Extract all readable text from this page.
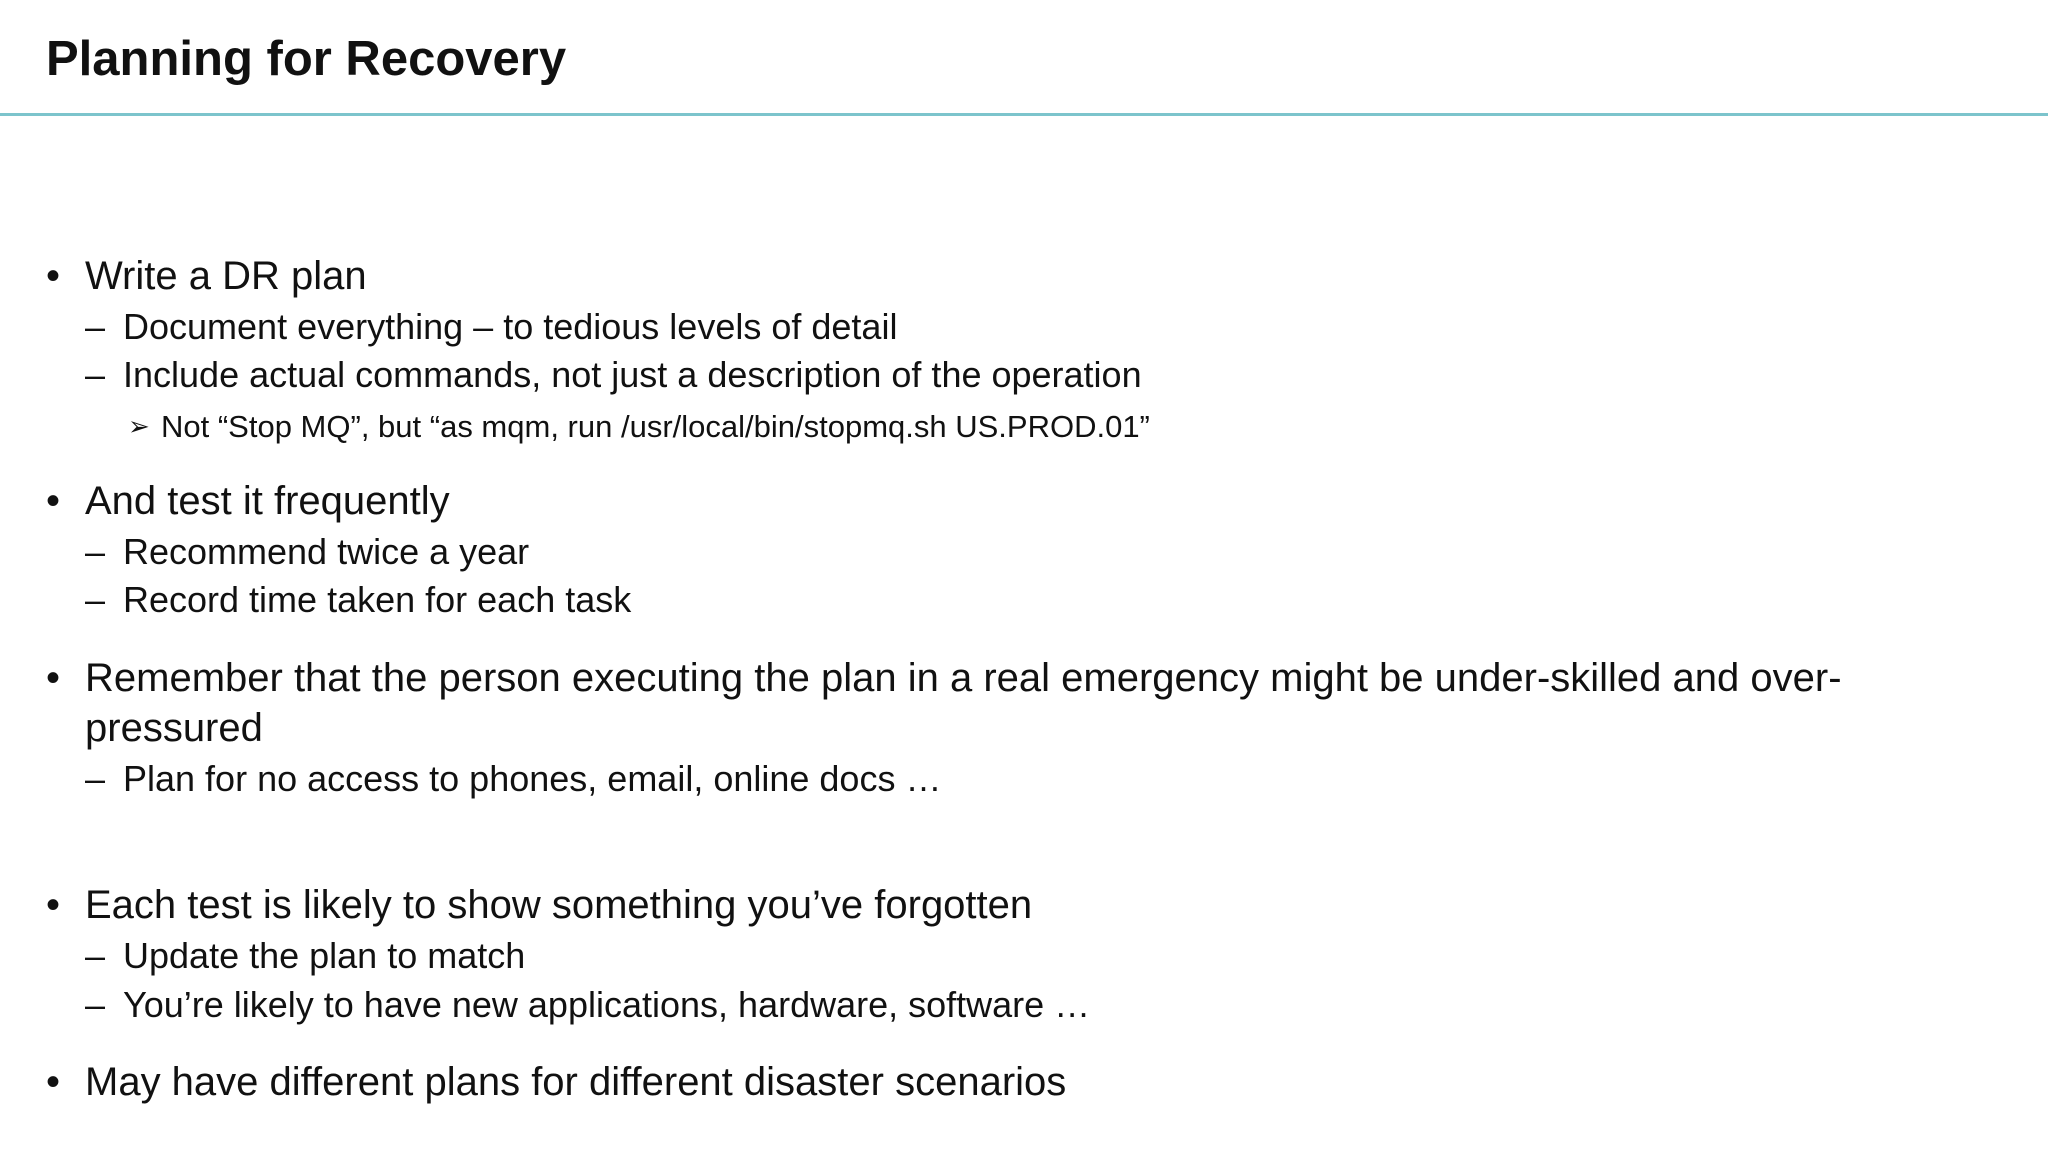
Planning for Recovery
• Write a DR plan
– Document everything – to tedious levels of detail
– Include actual commands, not just a description of the operation
➢ Not “Stop MQ”, but “as mqm, run /usr/local/bin/stopmq.sh US.PROD.01”
• And test it frequently
– Recommend twice a year
– Record time taken for each task
• Remember that the person executing the plan in a real emergency might be under-skilled and over-
pressured
– Plan for no access to phones, email, online docs …
• Each test is likely to show something you’ve forgotten
– Update the plan to match
– You’re likely to have new applications, hardware, software …
• May have different plans for different disaster scenarios
